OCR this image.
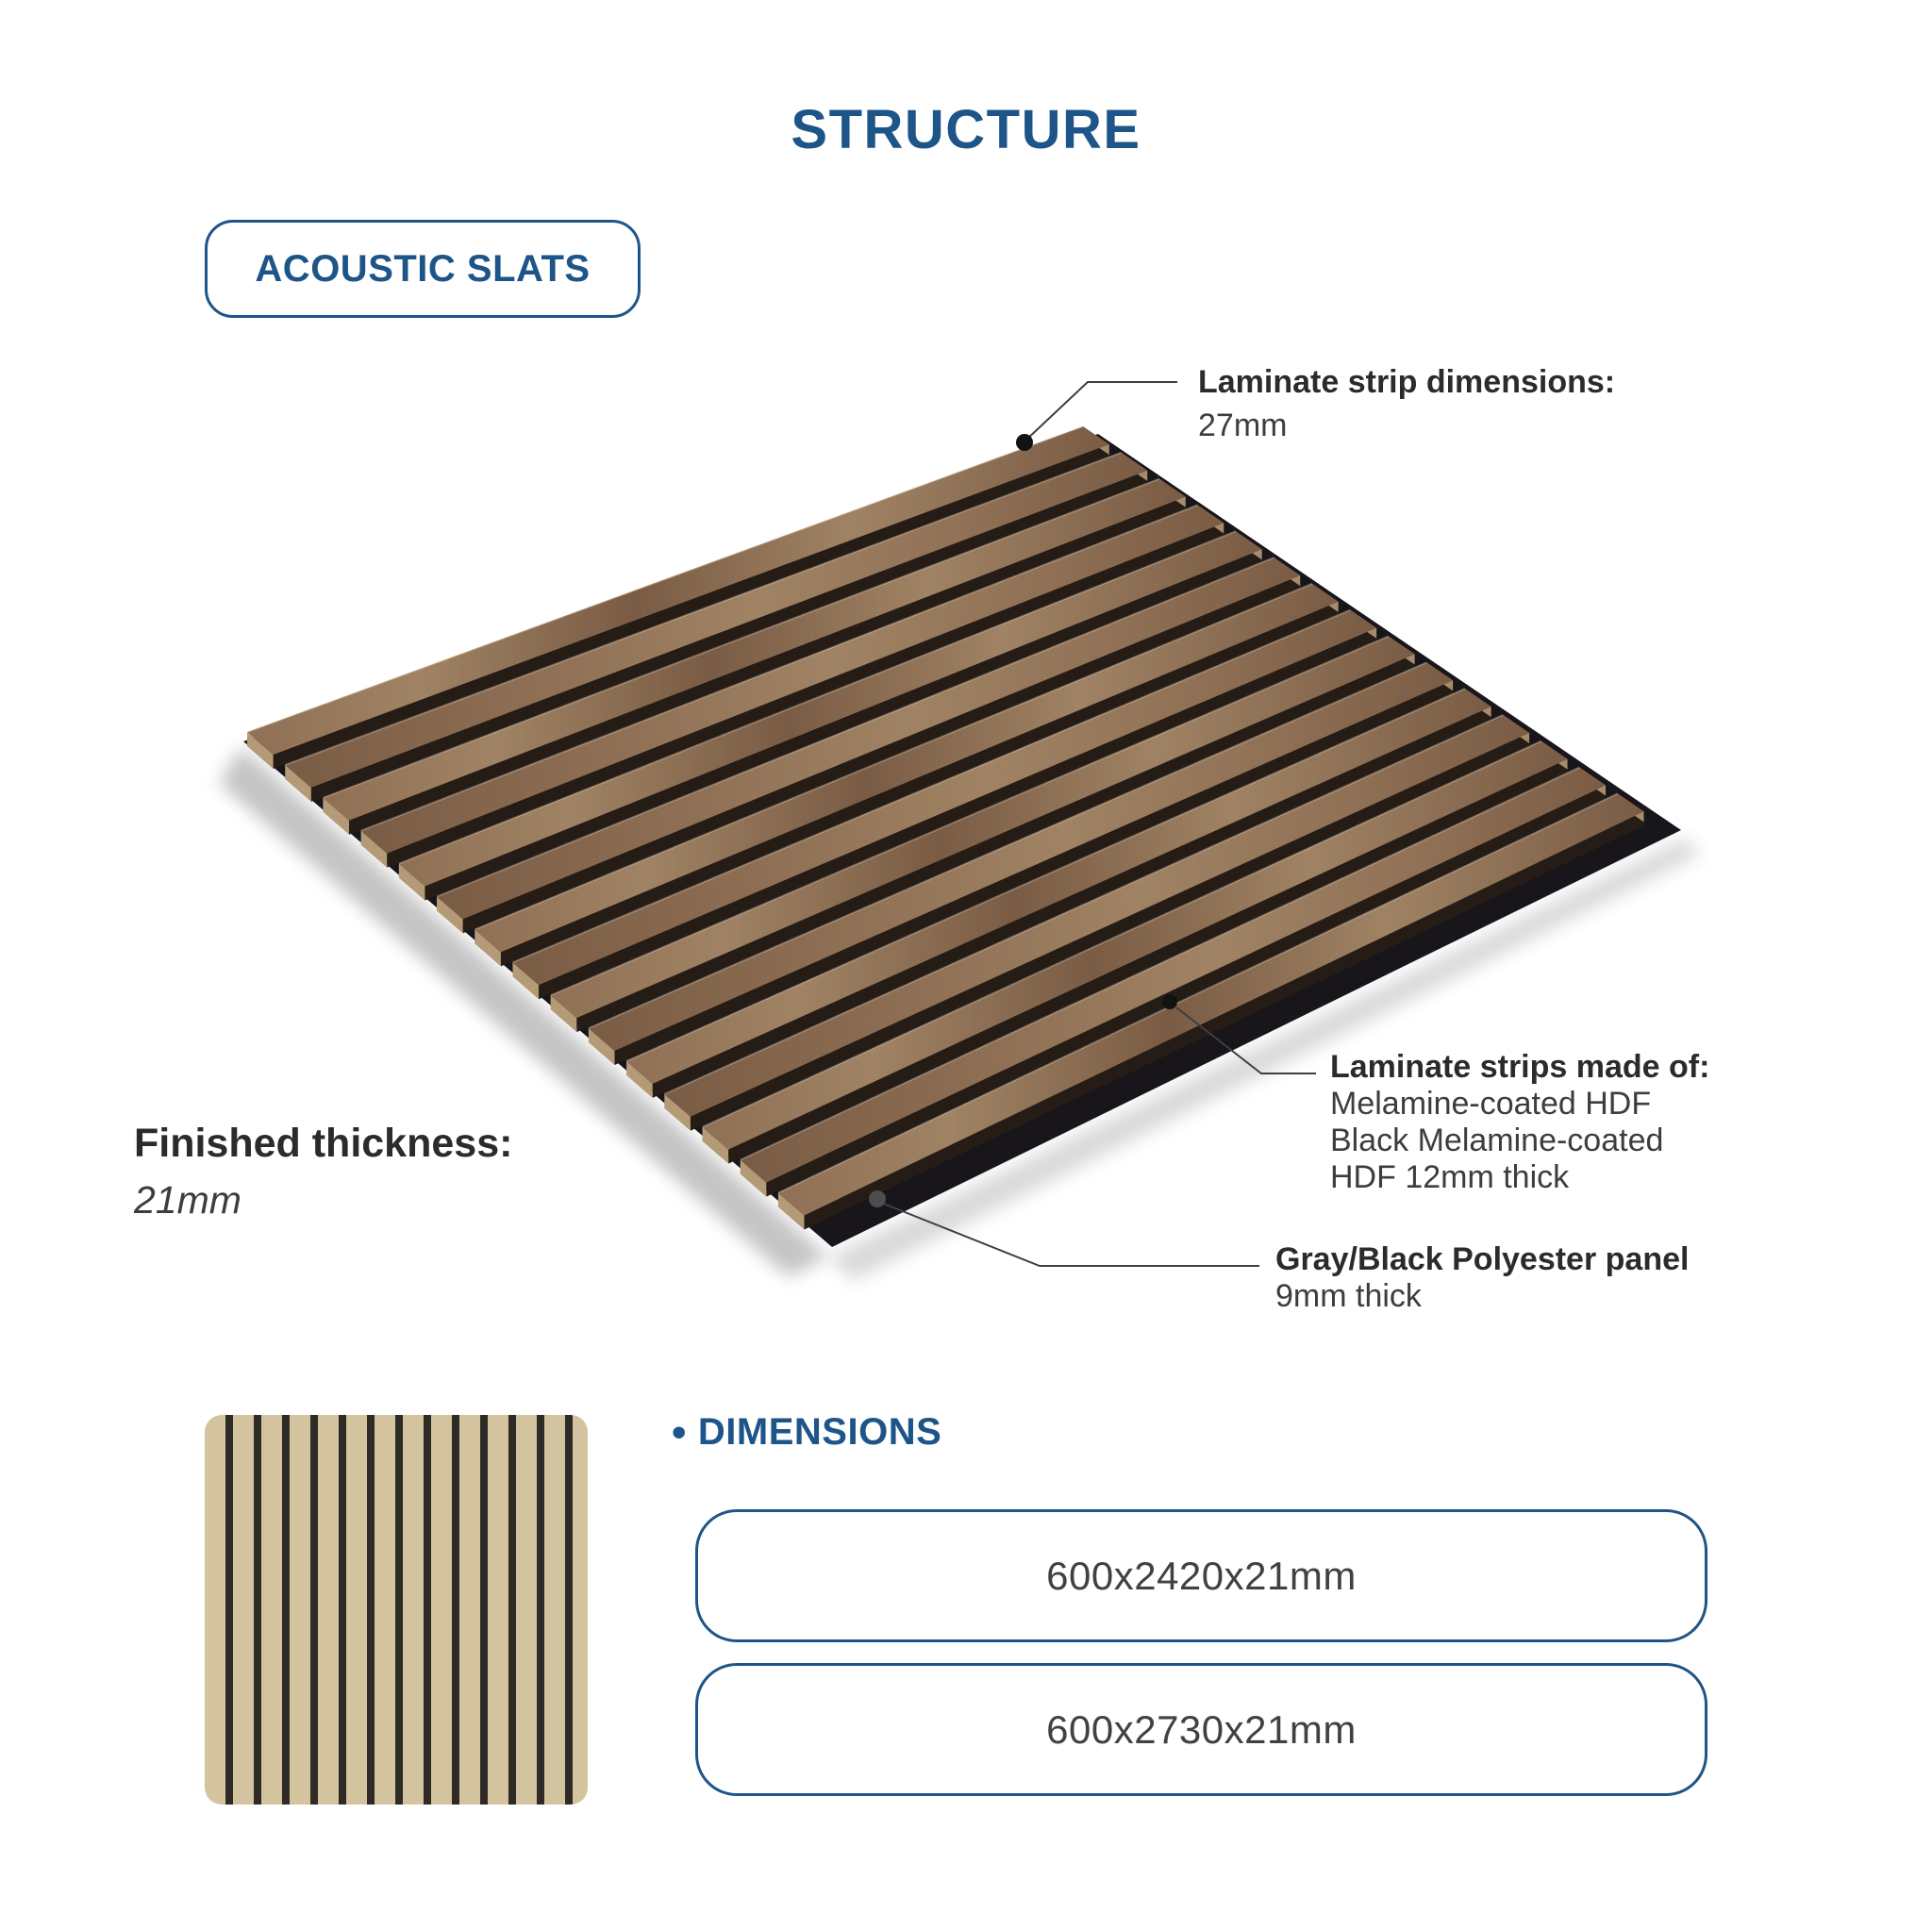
STRUCTURE
ACOUSTIC SLATS
Laminate strip dimensions:
27mm
Laminate strips made of:
Melamine-coated HDF
Black Melamine-coated
HDF 12mm thick
Gray/Black Polyester panel
9mm thick
Finished thickness:
21mm
• DIMENSIONS
600x2420x21mm
600x2730x21mm
